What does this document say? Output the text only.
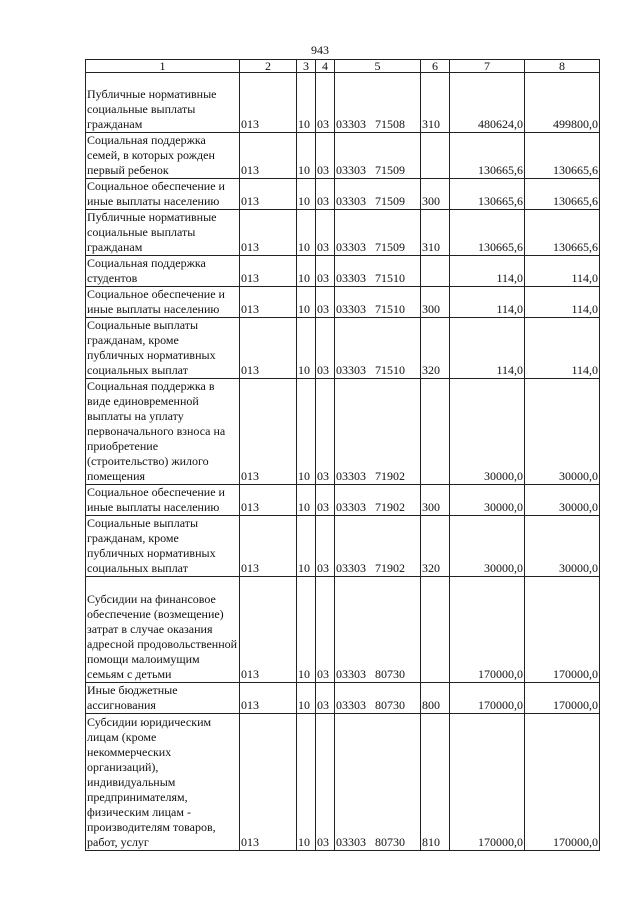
943
1	2	3	4	5	6	7	8
Публичные нормативные социальные выплаты гражданам	013	10	03	03303 71508	310	480624,0	499800,0
Социальная поддержка семей, в которых рожден первый ребенок	013	10	03	03303 71509		130665,6	130665,6
Социальное обеспечение и иные выплаты населению	013	10	03	03303 71509	300	130665,6	130665,6
Публичные нормативные социальные выплаты гражданам	013	10	03	03303 71509	310	130665,6	130665,6
Социальная поддержка студентов	013	10	03	03303 71510		114,0	114,0
Социальное обеспечение и иные выплаты населению	013	10	03	03303 71510	300	114,0	114,0
Социальные выплаты гражданам, кроме публичных нормативных социальных выплат	013	10	03	03303 71510	320	114,0	114,0
Социальная поддержка в виде единовременной выплаты на уплату первоначального взноса на приобретение (строительство) жилого помещения	013	10	03	03303 71902		30000,0	30000,0
Социальное обеспечение и иные выплаты населению	013	10	03	03303 71902	300	30000,0	30000,0
Социальные выплаты гражданам, кроме публичных нормативных социальных выплат	013	10	03	03303 71902	320	30000,0	30000,0
Субсидии на финансовое обеспечение (возмещение) затрат в случае оказания адресной продовольственной помощи малоимущим семьям с детьми	013	10	03	03303 80730		170000,0	170000,0
Иные бюджетные ассигнования	013	10	03	03303 80730	800	170000,0	170000,0
Субсидии юридическим лицам (кроме некоммерческих организаций), индивидуальным предпринимателям, физическим лицам - производителям товаров, работ, услуг	013	10	03	03303 80730	810	170000,0	170000,0
